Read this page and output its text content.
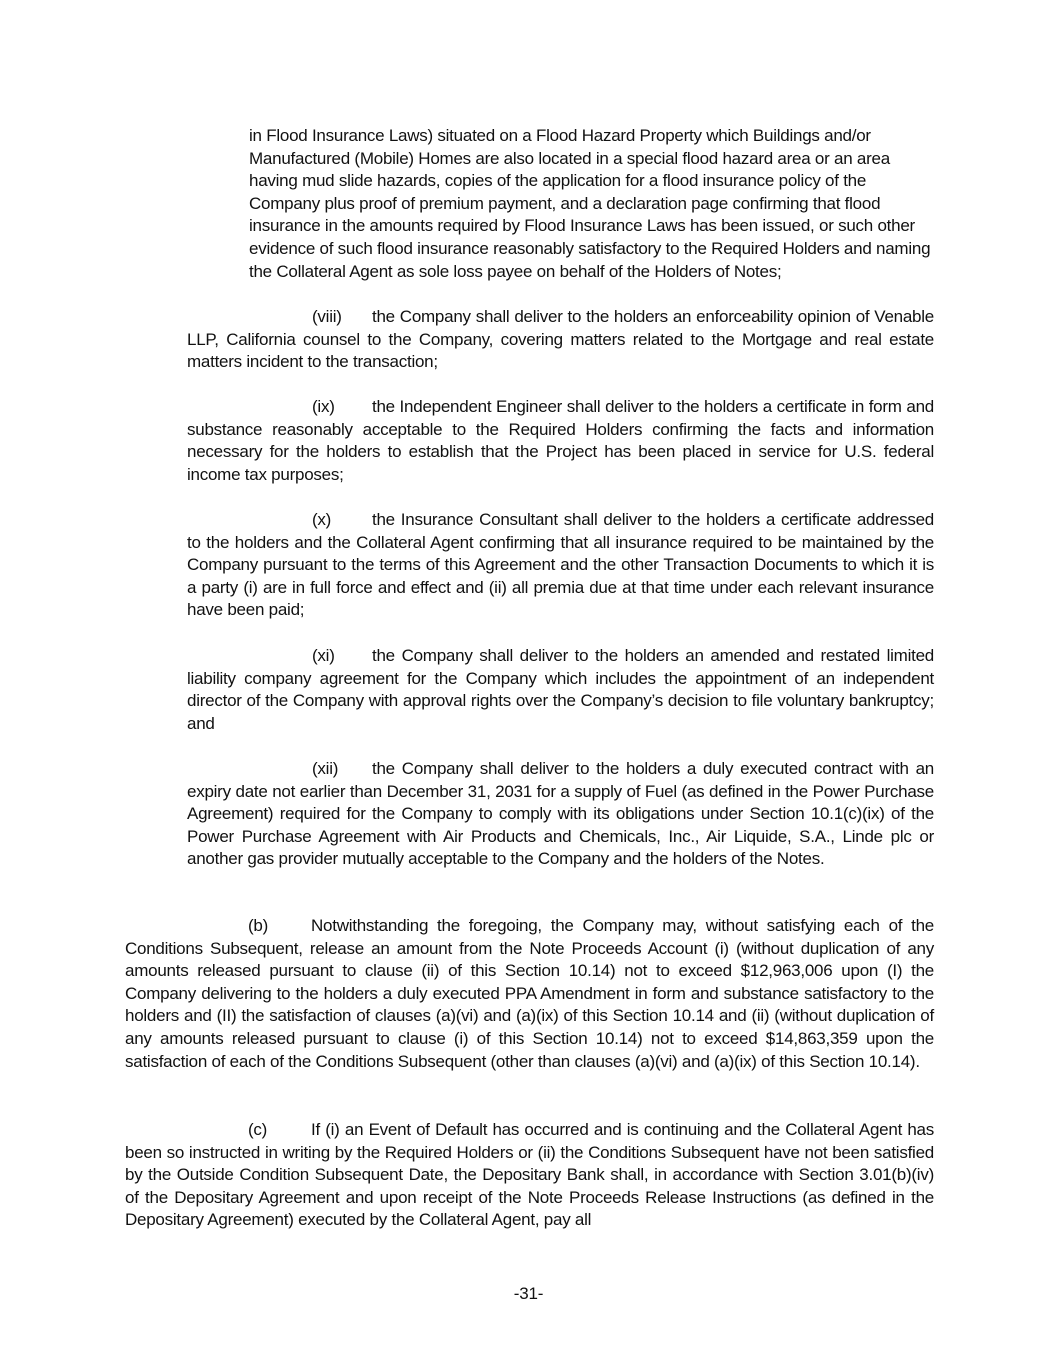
in Flood Insurance Laws) situated on a Flood Hazard Property which Buildings and/or Manufactured (Mobile) Homes are also located in a special flood hazard area or an area having mud slide hazards, copies of the application for a flood insurance policy of the Company plus proof of premium payment, and a declaration page confirming that flood insurance in the amounts required by Flood Insurance Laws has been issued, or such other evidence of such flood insurance reasonably satisfactory to the Required Holders and naming the Collateral Agent as sole loss payee on behalf of the Holders of Notes;

(viii) the Company shall deliver to the holders an enforceability opinion of Venable LLP, California counsel to the Company, covering matters related to the Mortgage and real estate matters incident to the transaction;

(ix) the Independent Engineer shall deliver to the holders a certificate in form and substance reasonably acceptable to the Required Holders confirming the facts and information necessary for the holders to establish that the Project has been placed in service for U.S. federal income tax purposes;

(x) the Insurance Consultant shall deliver to the holders a certificate addressed to the holders and the Collateral Agent confirming that all insurance required to be maintained by the Company pursuant to the terms of this Agreement and the other Transaction Documents to which it is a party (i) are in full force and effect and (ii) all premia due at that time under each relevant insurance have been paid;

(xi) the Company shall deliver to the holders an amended and restated limited liability company agreement for the Company which includes the appointment of an independent director of the Company with approval rights over the Company’s decision to file voluntary bankruptcy; and

(xii) the Company shall deliver to the holders a duly executed contract with an expiry date not earlier than December 31, 2031 for a supply of Fuel (as defined in the Power Purchase Agreement) required for the Company to comply with its obligations under Section 10.1(c)(ix) of the Power Purchase Agreement with Air Products and Chemicals, Inc., Air Liquide, S.A., Linde plc or another gas provider mutually acceptable to the Company and the holders of the Notes.

(b)	Notwithstanding the foregoing, the Company may, without satisfying each of the Conditions Subsequent, release an amount from the Note Proceeds Account (i) (without duplication of any amounts released pursuant to clause (ii) of this Section 10.14) not to exceed $12,963,006 upon (I) the Company delivering to the holders a duly executed PPA Amendment in form and substance satisfactory to the holders and (II) the satisfaction of clauses (a)(vi) and (a)(ix) of this Section 10.14 and (ii) (without duplication of any amounts released pursuant to clause (i) of this Section 10.14) not to exceed $14,863,359 upon the satisfaction of each of the Conditions Subsequent (other than clauses (a)(vi) and (a)(ix) of this Section 10.14).

(c)	If (i) an Event of Default has occurred and is continuing and the Collateral Agent has been so instructed in writing by the Required Holders or (ii) the Conditions Subsequent have not been satisfied by the Outside Condition Subsequent Date, the Depositary Bank shall, in accordance with Section 3.01(b)(iv) of the Depositary Agreement and upon receipt of the Note Proceeds Release Instructions (as defined in the Depositary Agreement) executed by the Collateral Agent, pay all

-31-
